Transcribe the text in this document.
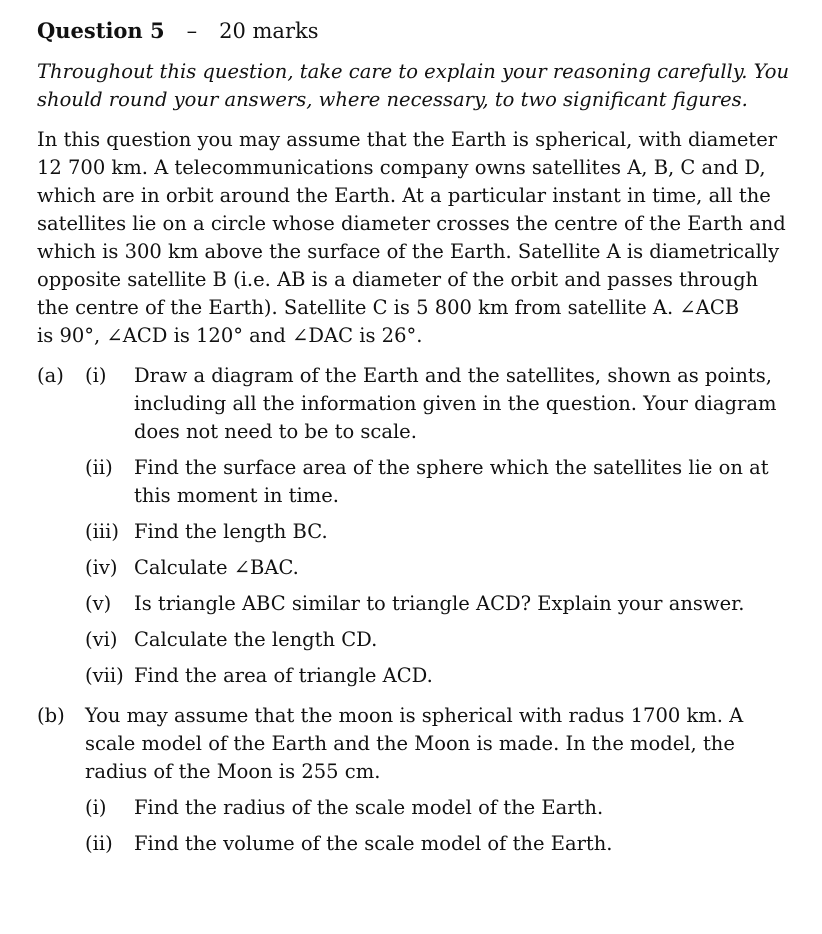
Question 5 – 20 marks
Throughout this question, take care to explain your reasoning carefully. You should round your answers, where necessary, to two significant figures.
In this question you may assume that the Earth is spherical, with diameter
12 700 km. A telecommunications company owns satellites A, B, C and D,
which are in orbit around the Earth. At a particular instant in time, all the
satellites lie on a circle whose diameter crosses the centre of the Earth and
which is 300 km above the surface of the Earth. Satellite A is diametrically
opposite satellite B (i.e. AB is a diameter of the orbit and passes through
the centre of the Earth). Satellite C is 5 800 km from satellite A. ∠ACB
is 90°, ∠ACD is 120° and ∠DAC is 26°.
(a) (i) Draw a diagram of the Earth and the satellites, shown as points, including all the information given in the question. Your diagram does not need to be to scale.
(ii) Find the surface area of the sphere which the satellites lie on at this moment in time.
(iii) Find the length BC.
(iv) Calculate ∠BAC.
(v) Is triangle ABC similar to triangle ACD? Explain your answer.
(vi) Calculate the length CD.
(vii) Find the area of triangle ACD.
(b)	You may assume that the moon is spherical with radus 1700 km. A scale model of the Earth and the Moon is made. In the model, the radius of the Moon is 255 cm.
(i) Find the radius of the scale model of the Earth.
(ii) Find the volume of the scale model of the Earth.
